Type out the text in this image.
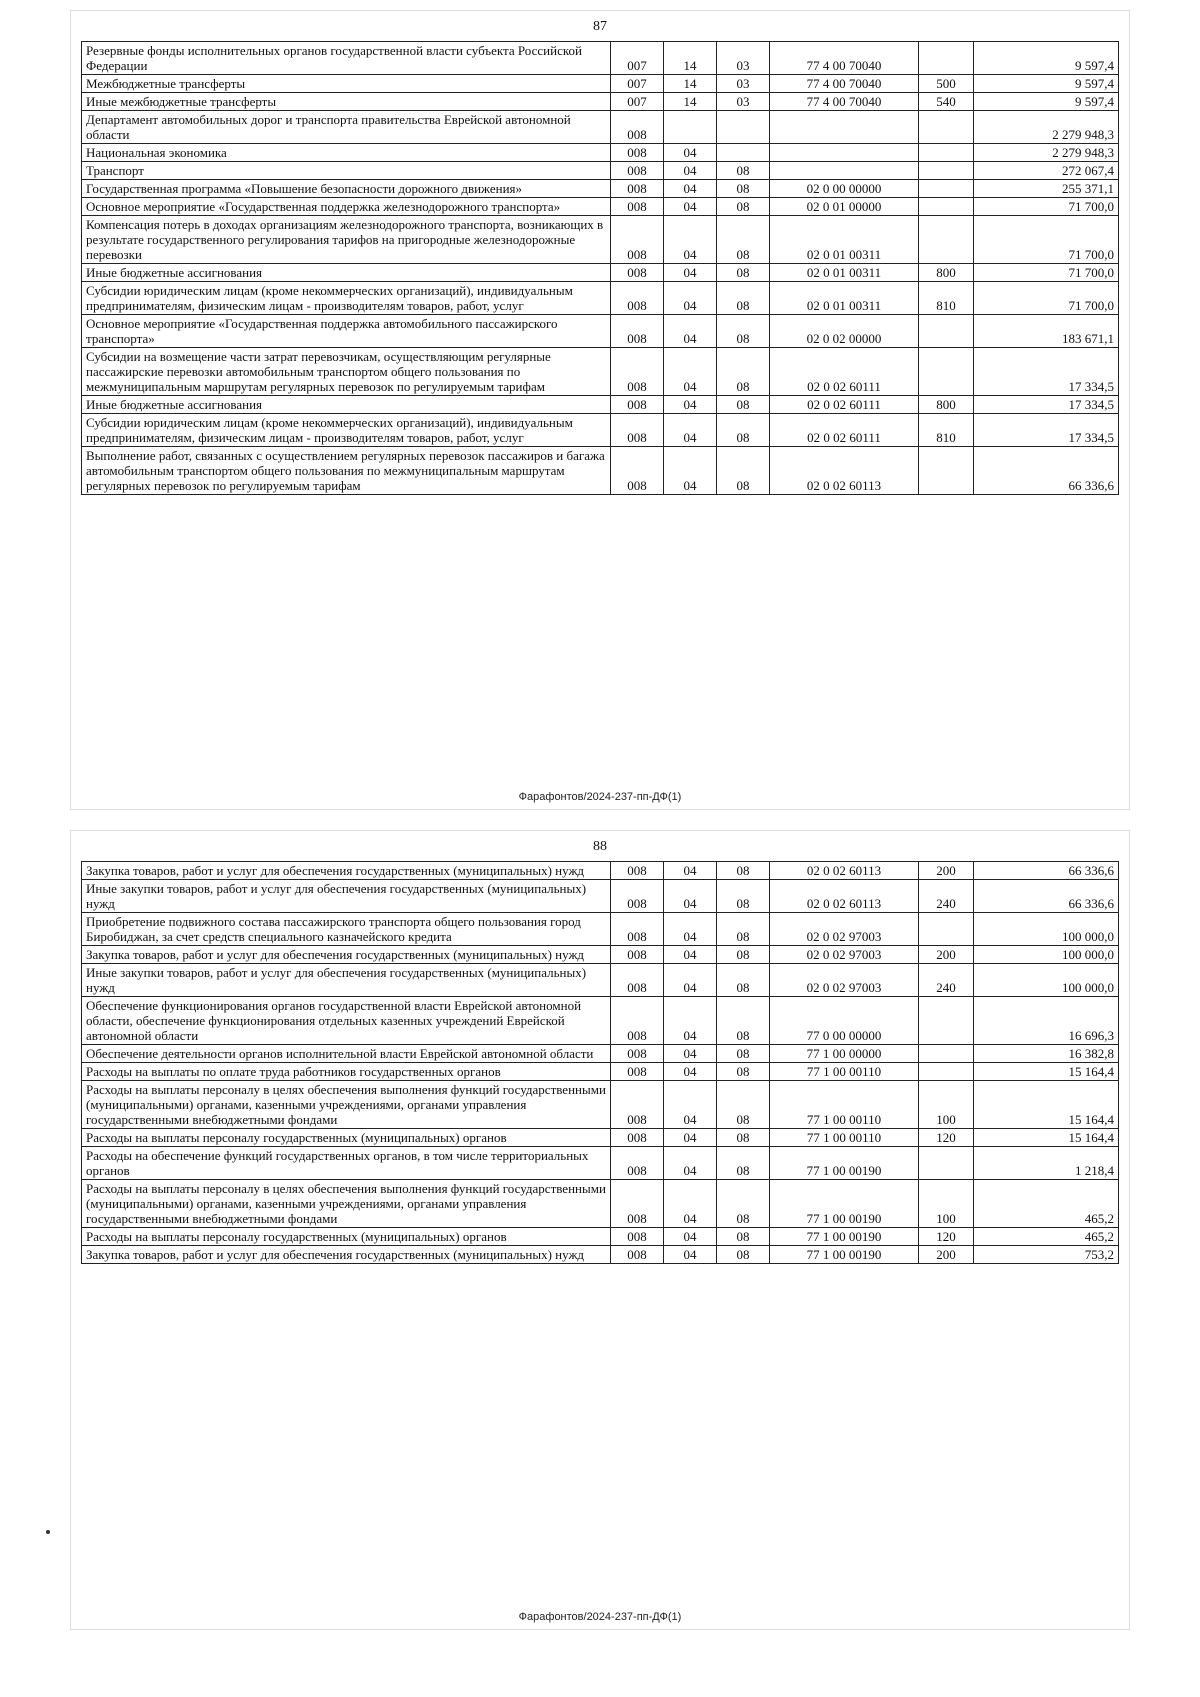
87
Резервные фонды исполнительных органов государственной власти субъекта Российской Федерации	007	14	03	77 4 00 70040		9 597,4
Межбюджетные трансферты	007	14	03	77 4 00 70040	500	9 597,4
Иные межбюджетные трансферты	007	14	03	77 4 00 70040	540	9 597,4
Департамент автомобильных дорог и транспорта правительства Еврейской автономной области	008					2 279 948,3
Национальная экономика	008	04				2 279 948,3
Транспорт	008	04	08			272 067,4
Государственная программа «Повышение безопасности дорожного движения»	008	04	08	02 0 00 00000		255 371,1
Основное мероприятие «Государственная поддержка железнодорожного транспорта»	008	04	08	02 0 01 00000		71 700,0
Компенсация потерь в доходах организациям железнодорожного транспорта, возникающих в результате государственного регулирования тарифов на пригородные железнодорожные перевозки	008	04	08	02 0 01 00311		71 700,0
Иные бюджетные ассигнования	008	04	08	02 0 01 00311	800	71 700,0
Субсидии юридическим лицам (кроме некоммерческих организаций), индивидуальным предпринимателям, физическим лицам - производителям товаров, работ, услуг	008	04	08	02 0 01 00311	810	71 700,0
Основное мероприятие «Государственная поддержка автомобильного пассажирского транспорта»	008	04	08	02 0 02 00000		183 671,1
Субсидии на возмещение части затрат перевозчикам, осуществляющим регулярные пассажирские перевозки автомобильным транспортом общего пользования по межмуниципальным маршрутам регулярных перевозок по регулируемым тарифам	008	04	08	02 0 02 60111		17 334,5
Иные бюджетные ассигнования	008	04	08	02 0 02 60111	800	17 334,5
Субсидии юридическим лицам (кроме некоммерческих организаций), индивидуальным предпринимателям, физическим лицам - производителям товаров, работ, услуг	008	04	08	02 0 02 60111	810	17 334,5
Выполнение работ, связанных с осуществлением регулярных перевозок пассажиров и багажа автомобильным транспортом общего пользования по межмуниципальным маршрутам регулярных перевозок по регулируемым тарифам	008	04	08	02 0 02 60113		66 336,6
Фарафонтов/2024-237-пп-ДФ(1)
88
Закупка товаров, работ и услуг для обеспечения государственных (муниципальных) нужд	008	04	08	02 0 02 60113	200	66 336,6
Иные закупки товаров, работ и услуг для обеспечения государственных (муниципальных) нужд	008	04	08	02 0 02 60113	240	66 336,6
Приобретение подвижного состава пассажирского транспорта общего пользования город Биробиджан, за счет средств специального казначейского кредита	008	04	08	02 0 02 97003		100 000,0
Закупка товаров, работ и услуг для обеспечения государственных (муниципальных) нужд	008	04	08	02 0 02 97003	200	100 000,0
Иные закупки товаров, работ и услуг для обеспечения государственных (муниципальных) нужд	008	04	08	02 0 02 97003	240	100 000,0
Обеспечение функционирования органов государственной власти Еврейской автономной области, обеспечение функционирования отдельных казенных учреждений Еврейской автономной области	008	04	08	77 0 00 00000		16 696,3
Обеспечение деятельности органов исполнительной власти Еврейской автономной области	008	04	08	77 1 00 00000		16 382,8
Расходы на выплаты по оплате труда работников государственных органов	008	04	08	77 1 00 00110		15 164,4
Расходы на выплаты персоналу в целях обеспечения выполнения функций государственными (муниципальными) органами, казенными учреждениями, органами управления государственными внебюджетными фондами	008	04	08	77 1 00 00110	100	15 164,4
Расходы на выплаты персоналу государственных (муниципальных) органов	008	04	08	77 1 00 00110	120	15 164,4
Расходы на обеспечение функций государственных органов, в том числе территориальных органов	008	04	08	77 1 00 00190		1 218,4
Расходы на выплаты персоналу в целях обеспечения выполнения функций государственными (муниципальными) органами, казенными учреждениями, органами управления государственными внебюджетными фондами	008	04	08	77 1 00 00190	100	465,2
Расходы на выплаты персоналу государственных (муниципальных) органов	008	04	08	77 1 00 00190	120	465,2
Закупка товаров, работ и услуг для обеспечения государственных (муниципальных) нужд	008	04	08	77 1 00 00190	200	753,2
Фарафонтов/2024-237-пп-ДФ(1)
